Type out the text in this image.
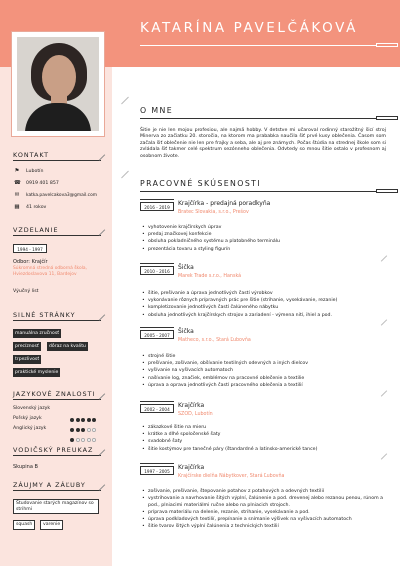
KATARÍNA PAVELČÁKOVÁ
KONTAKT
⚑ Lubotín
☎ 0919 401 857
✉ katka.pavelcakova3@gmail.com
▦ 41 rokov
VZDELANIE
1994 - 1997
Odbor: Krajčír
Súkromná stredná odborná škola, Hviezdoslavova 11, Bardejov
Výučný list
SILNÉ STRÁNKY
manuálna zručnosť
precíznosť	dôraz na kvalitu
trpezlivosť
praktické myslenie
JAZYKOVÉ ZNALOSTI
Slovenský jazyk
Poľský jazyk
Anglický jazyk
VODIČSKÝ PREUKAZ
Skupina B
ZÁUJMY A ZÁĽUBY
Študovanie starých magazínov so strihmi
squash	varenie
O MNE
Šitie je nie len mojou profesiou, ale najmä hobby. V detstve mi učaroval rodinný starožitný šicí stroj Minerva zo začiatku 20. storočia, na ktorom ma prababka naučila šiť prvé kusy oblečenia. Časom som začala šiť oblečenie nie len pre frajky a seba, ale aj pre známych. Počas štúdia na strednej škole som si zvládala šiť takmer celé spektrum sezónneho oblečenia. Odvtedy so mnou šitie ostalo v profesnom aj osobnom živote.
PRACOVNÉ SKÚSENOSTI
2016 - 2019
Krajčírka - predajná poradkyňa
Bratec Slovakia, s.r.o., Prešov
• vyhotovenie krajčírskych úprav
• predaj značkovej konfekcie
• obsluha pokladničného systému a platobného terminálu
• prezentácia tovaru a styling figurín
2010 - 2016
Šička
Marek Trade s.r.o., Hanská
• šitie, prešívanie a úprava jednotlivých častí výrobkov
• vykonávanie rôznych prípravných prác pre šitie (strihanie, vysekávanie, rezanie)
• kompletizovanie jednotlivých častí čalúneného nábytku
• obsluha jednotlivých krajčírskych strojov a zariadení - výmena nití, ihiel a pod.
2005 - 2007
Šička
Matheco, s.r.o., Stará Ľubovňa
• strojné šitie
• prešívanie, zošívanie, obšívanie textilných odevných a iných dielcov
• vyšívanie na vyšívacích automatoch
• našívanie log, značiek, emblémov na pracovné oblečenie a textilie
• úprava a oprava jednotlivých častí pracovného oblečenia a textilií
2002 - 2004
Krajčírka
SZOD, Lubotín
• zákazkové šitie na mieru
• krátke a dlhé spoločenské šaty
• svadobné šaty
• šitie kostýmov pre tanečné páry (štandardné a latinsko-americké tance)
1997 - 2005
Krajčírka
Krajčírske dielňa Nábytkover, Stará Ľubovňa
• zošívanie, prešívanie, štepovanie potahov z potahových a odevných textilií
• vystrihovanie a navrhovanie šitých výplní, čalúnenie a pod. drevenej alebo rezanou penou, rúnom a pod., plniacimi materiálmi ručne alebo na plniacich strojoch.
• príprava materiálu na delenie, rezanie, strihanie, vysekávanie a pod.
• úprava podkladových textilií, prepínanie a snímanie výšivek na vyšívacích automatoch
• šitie tvarov šitých výplní čalúnenia z technických textilií
